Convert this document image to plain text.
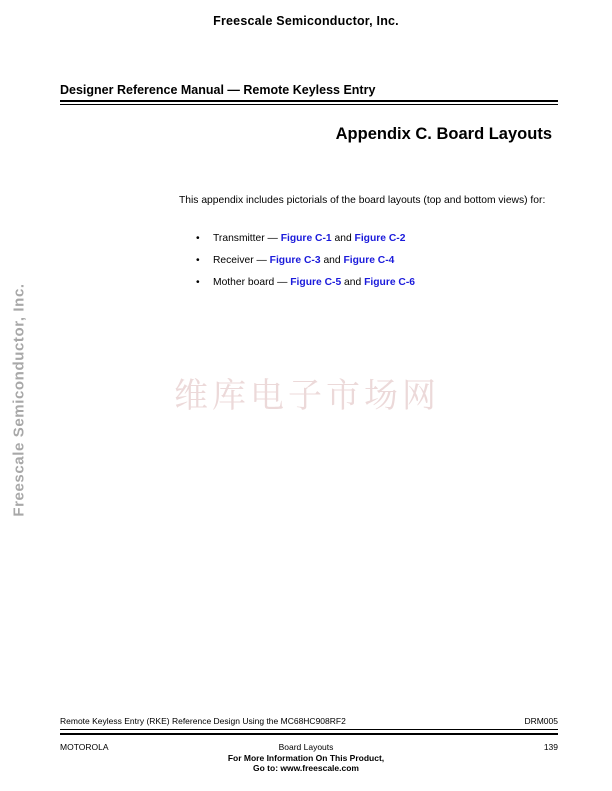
Freescale Semiconductor, Inc.
Designer Reference Manual — Remote Keyless Entry
Appendix C. Board Layouts
This appendix includes pictorials of the board layouts (top and bottom views) for:
• Transmitter — Figure C-1 and Figure C-2
• Receiver — Figure C-3 and Figure C-4
• Mother board — Figure C-5 and Figure C-6
Freescale Semiconductor, Inc.	维库电子市场网
Remote Keyless Entry (RKE) Reference Design Using the MC68HC908RF2	DRM005
MOTOROLA	Board Layouts	139
For More Information On This Product,
Go to: www.freescale.com
